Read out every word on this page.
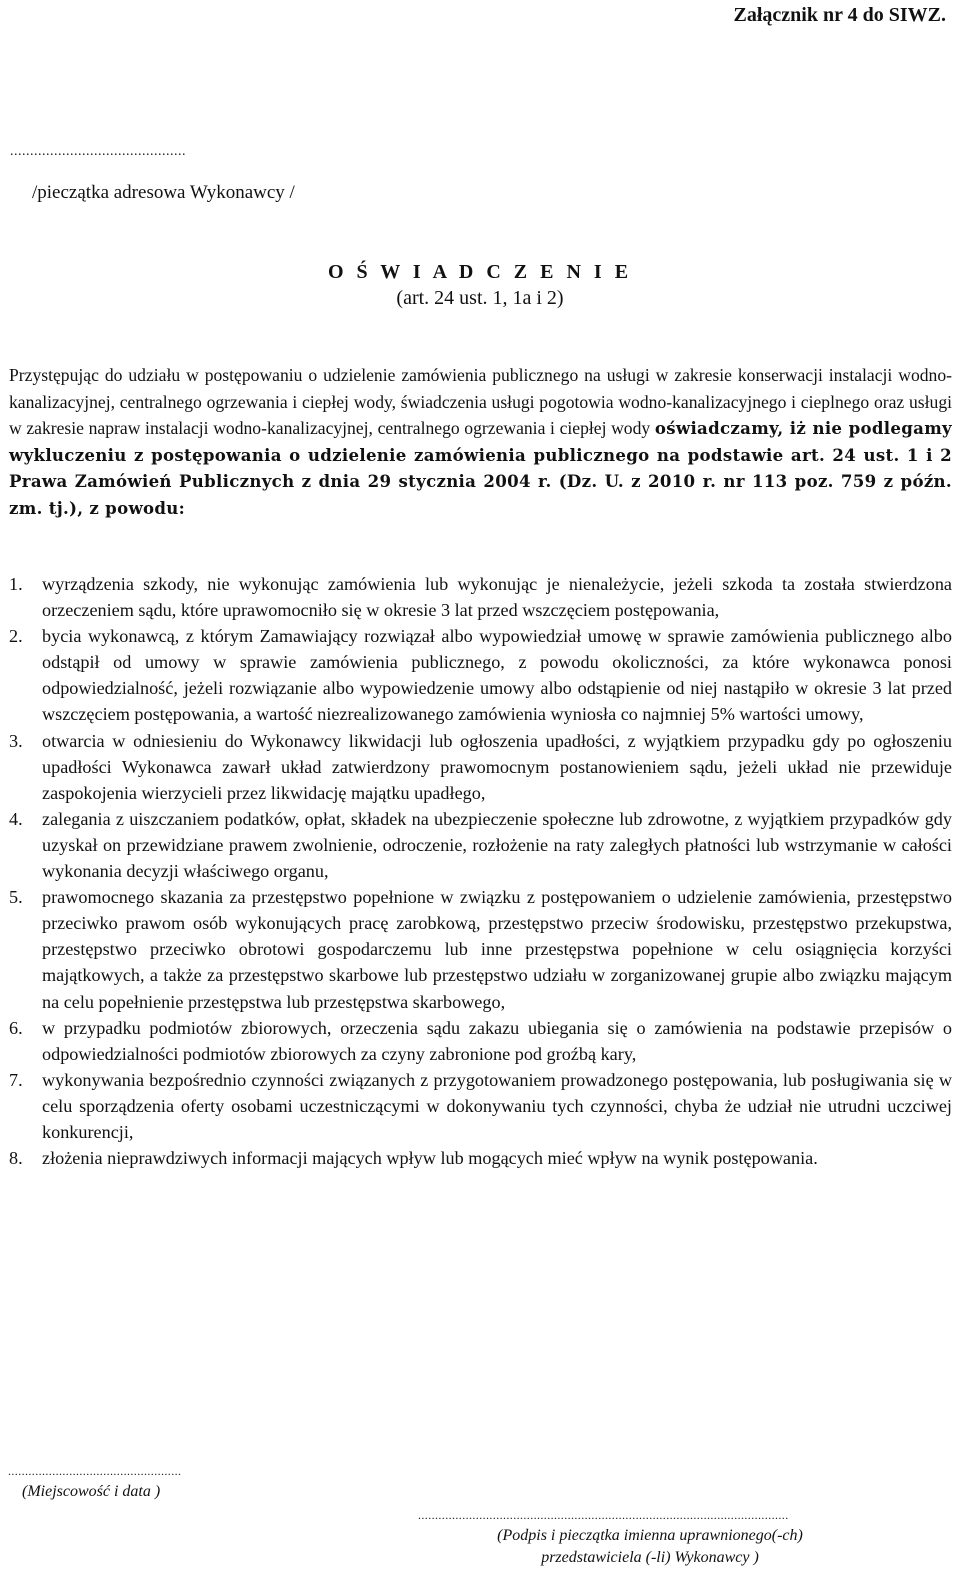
Załącznik nr 4 do SIWZ.
............................................
/pieczątka adresowa Wykonawcy /
O Ś W I A D C Z E N I E
(art. 24 ust. 1, 1a i 2)

Przystępując do udziału w postępowaniu o udzielenie zamówienia publicznego na usługi w zakresie konserwacji instalacji wodno-kanalizacyjnej, centralnego ogrzewania i ciepłej wody, świadczenia usługi pogotowia wodno-kanalizacyjnego i cieplnego oraz usługi w zakresie napraw instalacji wodno-kanalizacyjnej, centralnego ogrzewania i ciepłej wody oświadczamy, iż nie podlegamy wykluczeniu z postępowania o udzielenie zamówienia publicznego na podstawie art. 24 ust. 1 i 2 Prawa Zamówień Publicznych z dnia 29 stycznia 2004 r. (Dz. U. z 2010 r. nr 113 poz. 759 z późn. zm. tj.), z powodu:

1.	wyrządzenia szkody, nie wykonując zamówienia lub wykonując je nienależycie, jeżeli szkoda ta została stwierdzona orzeczeniem sądu, które uprawomocniło się w okresie 3 lat przed wszczęciem postępowania,
2.	bycia wykonawcą, z którym Zamawiający rozwiązał albo wypowiedział umowę w sprawie zamówienia publicznego albo odstąpił od umowy w sprawie zamówienia publicznego, z powodu okoliczności, za które wykonawca ponosi odpowiedzialność, jeżeli rozwiązanie albo wypowiedzenie umowy albo odstąpienie od niej nastąpiło w okresie 3 lat przed wszczęciem postępowania, a wartość niezrealizowanego zamówienia wyniosła co najmniej 5% wartości umowy,
3.	otwarcia w odniesieniu do Wykonawcy likwidacji lub ogłoszenia upadłości, z wyjątkiem przypadku gdy po ogłoszeniu upadłości Wykonawca zawarł układ zatwierdzony prawomocnym postanowieniem sądu, jeżeli układ nie przewiduje zaspokojenia wierzycieli przez likwidację majątku upadłego,
4.	zalegania z uiszczaniem podatków, opłat, składek na ubezpieczenie społeczne lub zdrowotne, z wyjątkiem przypadków gdy uzyskał on przewidziane prawem zwolnienie, odroczenie, rozłożenie na raty zaległych płatności lub wstrzymanie w całości wykonania decyzji właściwego organu,
5.	prawomocnego skazania za przestępstwo popełnione w związku z postępowaniem o udzielenie zamówienia, przestępstwo przeciwko prawom osób wykonujących pracę zarobkową, przestępstwo przeciw środowisku, przestępstwo przekupstwa, przestępstwo przeciwko obrotowi gospodarczemu lub inne przestępstwa popełnione w celu osiągnięcia korzyści majątkowych, a także za przestępstwo skarbowe lub przestępstwo udziału w zorganizowanej grupie albo związku mającym na celu popełnienie przestępstwa lub przestępstwa skarbowego,
6.	w przypadku podmiotów zbiorowych, orzeczenia sądu zakazu ubiegania się o zamówienia na podstawie przepisów o odpowiedzialności podmiotów zbiorowych za czyny zabronione pod groźbą kary,
7.	wykonywania bezpośrednio czynności związanych z przygotowaniem prowadzonego postępowania, lub posługiwania się w celu sporządzenia oferty osobami uczestniczącymi w dokonywaniu tych czynności, chyba że udział nie utrudni uczciwej konkurencji,
8.	złożenia nieprawdziwych informacji mających wpływ lub mogących mieć wpływ na wynik postępowania.
...................................................
(Miejscowość i data )
.............................................................................................................
(Podpis i pieczątka imienna uprawnionego(-ch)
przedstawiciela (-li) Wykonawcy )
